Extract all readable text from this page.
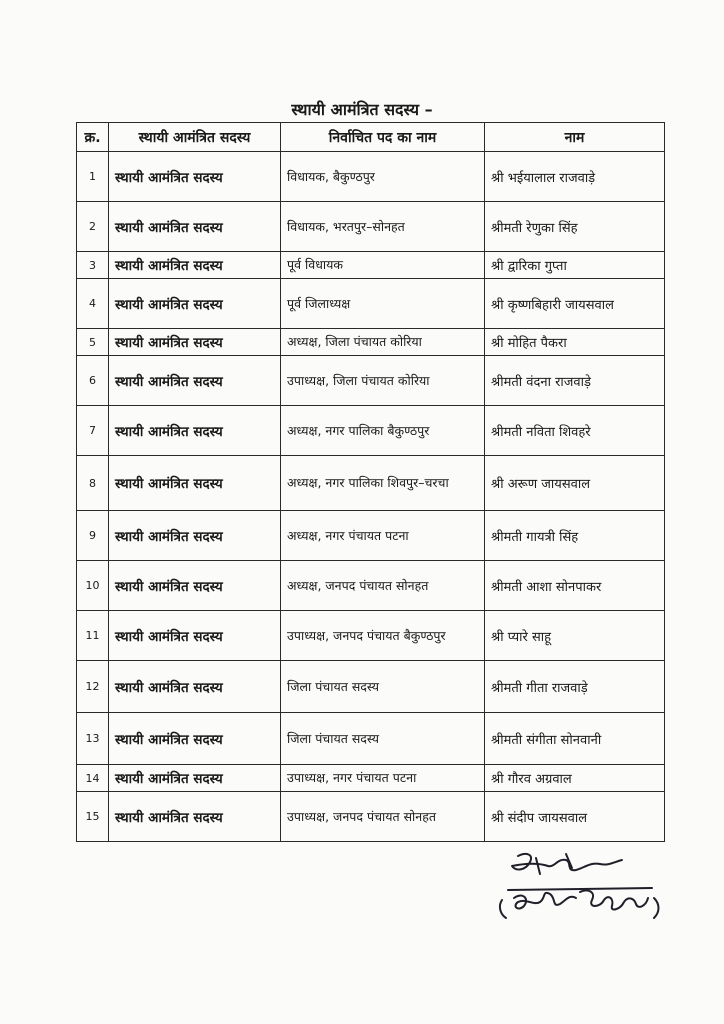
स्थायी आमंत्रित सदस्य –
क्र.	स्थायी आमंत्रित सदस्य	निर्वाचित पद का नाम	नाम
1	स्थायी आमंत्रित सदस्य	विधायक, बैकुण्ठपुर	श्री भईयालाल राजवाड़े
2	स्थायी आमंत्रित सदस्य	विधायक, भरतपुर–सोनहत	श्रीमती रेणुका सिंह
3	स्थायी आमंत्रित सदस्य	पूर्व विधायक	श्री द्वारिका गुप्ता
4	स्थायी आमंत्रित सदस्य	पूर्व जिलाध्यक्ष	श्री कृष्णबिहारी जायसवाल
5	स्थायी आमंत्रित सदस्य	अध्यक्ष, जिला पंचायत कोरिया	श्री मोहित पैकरा
6	स्थायी आमंत्रित सदस्य	उपाध्यक्ष, जिला पंचायत कोरिया	श्रीमती वंदना राजवाड़े
7	स्थायी आमंत्रित सदस्य	अध्यक्ष, नगर पालिका बैकुण्ठपुर	श्रीमती नविता शिवहरे
8	स्थायी आमंत्रित सदस्य	अध्यक्ष, नगर पालिका शिवपुर–चरचा	श्री अरूण जायसवाल
9	स्थायी आमंत्रित सदस्य	अध्यक्ष, नगर पंचायत पटना	श्रीमती गायत्री सिंह
10	स्थायी आमंत्रित सदस्य	अध्यक्ष, जनपद पंचायत सोनहत	श्रीमती आशा सोनपाकर
11	स्थायी आमंत्रित सदस्य	उपाध्यक्ष, जनपद पंचायत बैकुण्ठपुर	श्री प्यारे साहू
12	स्थायी आमंत्रित सदस्य	जिला पंचायत सदस्य	श्रीमती गीता राजवाड़े
13	स्थायी आमंत्रित सदस्य	जिला पंचायत सदस्य	श्रीमती संगीता सोनवानी
14	स्थायी आमंत्रित सदस्य	उपाध्यक्ष, नगर पंचायत पटना	श्री गौरव अग्रवाल
15	स्थायी आमंत्रित सदस्य	उपाध्यक्ष, जनपद पंचायत सोनहत	श्री संदीप जायसवाल
